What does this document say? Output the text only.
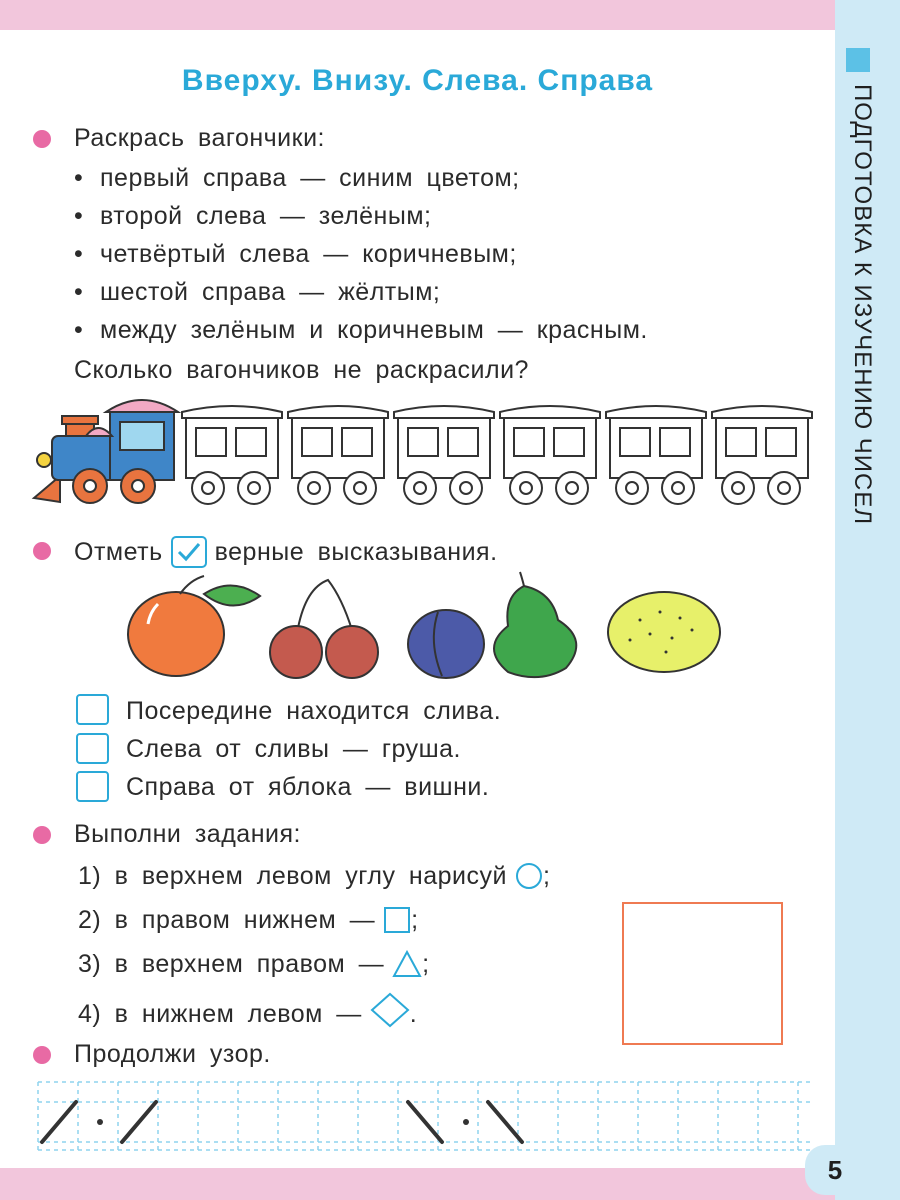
ПОДГОТОВКА К ИЗУЧЕНИЮ ЧИСЕЛ
5
Вверху. Внизу. Слева. Справа
Раскрась вагончики:
• первый справа — синим цветом;
• второй слева — зелёным;
• четвёртый слева — коричневым;
• шестой справа — жёлтым;
• между зелёным и коричневым — красным.
Сколько вагончиков не раскрасили?
Отметь верные высказывания.
Посередине находится слива.
Слева от сливы — груша.
Справа от яблока — вишни.
Выполни задания:
1) в верхнем левом углу нарисуй ;
2) в правом нижнем — ;
3) в верхнем правом — ;
4) в нижнем левом — .
Продолжи узор.
